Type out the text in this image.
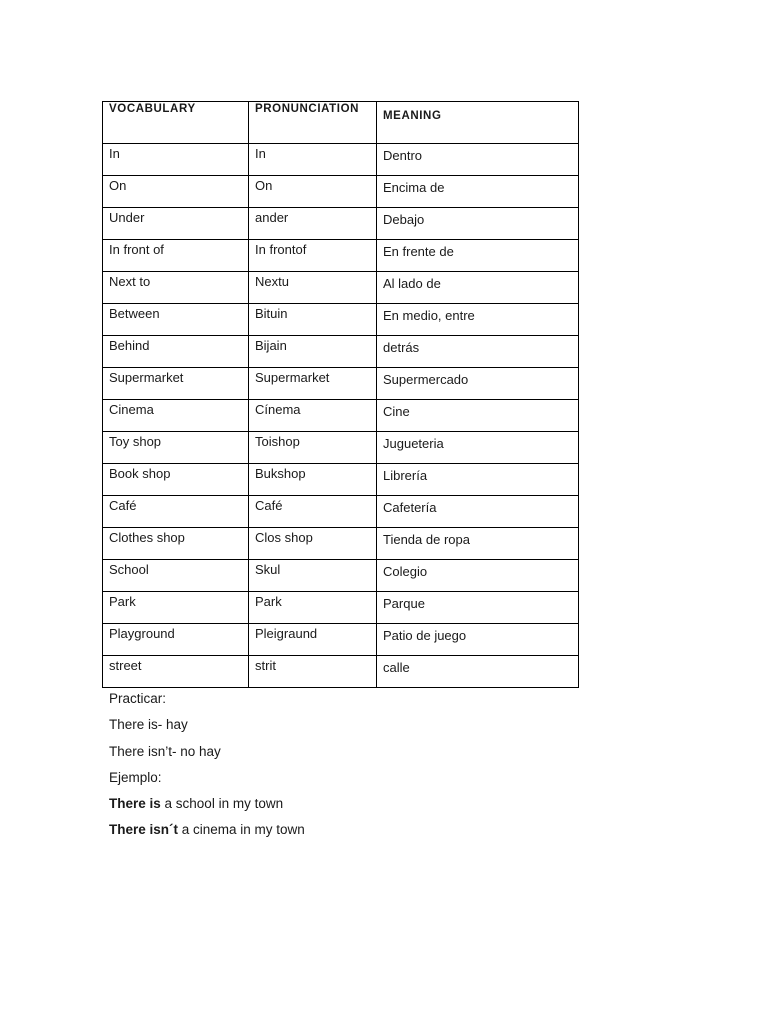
VOCABULARY	PRONUNCIATION	MEANING

In	In	Dentro

On	On	Encima de

Under	ander	Debajo

In front of	In frontof	En frente de

Next to	Nextu	Al lado de

Between	Bituin	En medio, entre

Behind	Bijain	detrás

Supermarket	Supermarket	Supermercado

Cinema	Cínema	Cine

Toy shop	Toishop	Jugueteria

Book shop	Bukshop	Librería

Café	Café	Cafetería

Clothes shop	Clos shop	Tienda de ropa

School	Skul	Colegio

Park	Park	Parque

Playground	Pleigraund	Patio de juego

street	strit	calle
Practicar:
There is- hay
There isn’t- no hay
Ejemplo:
There is a school in my town
There isn´t a cinema in my town
